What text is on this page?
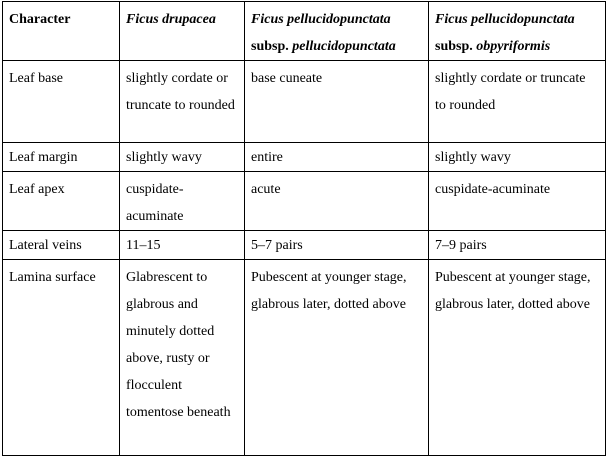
Character	Ficus drupacea	Ficus pellucidopunctata subsp. pellucidopunctata	Ficus pellucidopunctata subsp. obpyriformis
Leaf base	slightly cordate or truncate to rounded	base cuneate	slightly cordate or truncate to rounded
Leaf margin	slightly wavy	entire	slightly wavy
Leaf apex	cuspidate-acuminate	acute	cuspidate-acuminate
Lateral veins	11–15	5–7 pairs	7–9 pairs
Lamina surface	Glabrescent to glabrous and minutely dotted above, rusty or flocculent tomentose beneath	Pubescent at younger stage, glabrous later, dotted above	Pubescent at younger stage, glabrous later, dotted above
